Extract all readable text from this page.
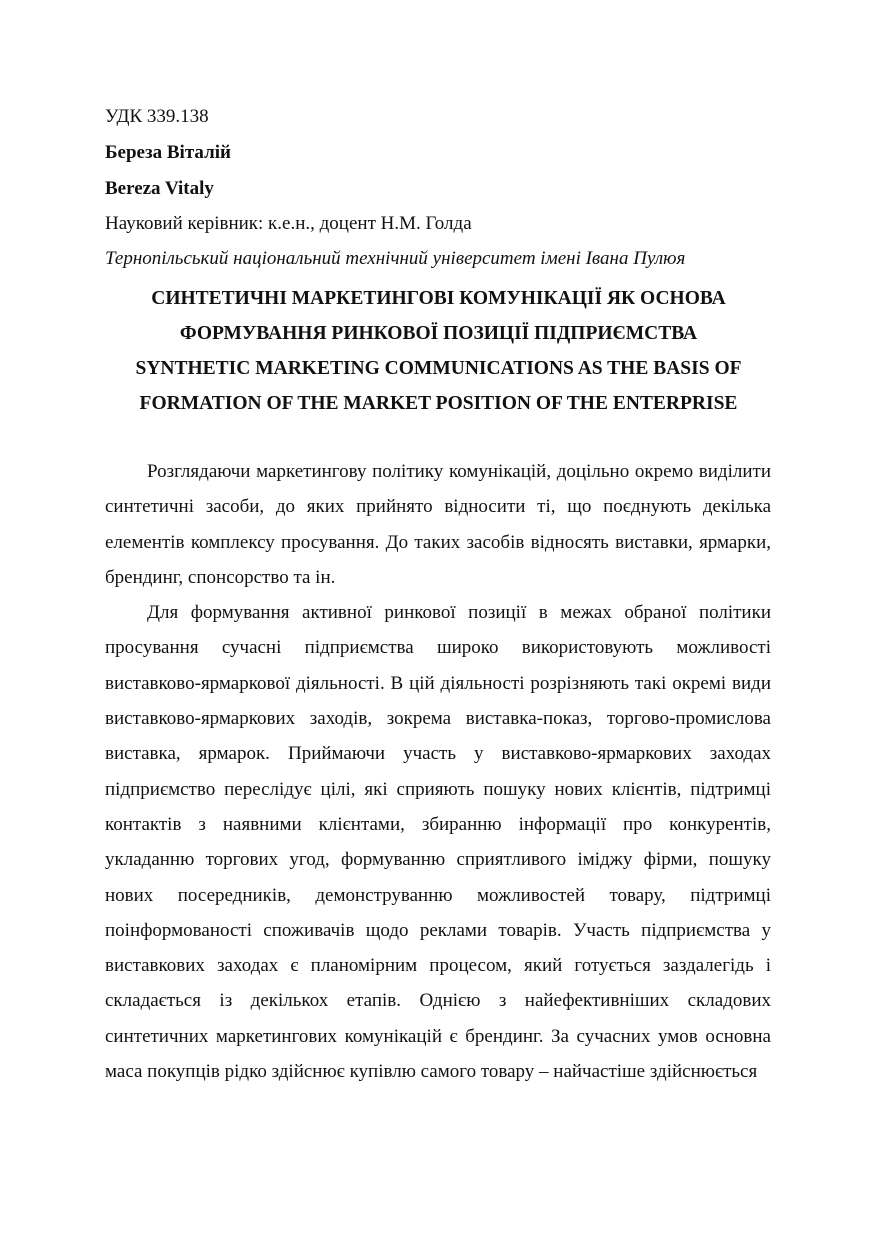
УДК 339.138
Береза Віталій
Bereza Vitaly
Науковий керівник: к.е.н., доцент Н.М. Голда
Тернопільський національний технічний університет імені Івана Пулюя
СИНТЕТИЧНІ МАРКЕТИНГОВІ КОМУНІКАЦІЇ ЯК ОСНОВА
ФОРМУВАННЯ РИНКОВОЇ ПОЗИЦІЇ ПІДПРИЄМСТВА
SYNTHETIC MARKETING COMMUNICATIONS AS THE BASIS OF
FORMATION OF THE MARKET POSITION OF THE ENTERPRISE

Розглядаючи маркетингову політику комунікацій, доцільно окремо виділити синтетичні засоби, до яких прийнято відносити ті, що поєднують декілька елементів комплексу просування. До таких засобів відносять виставки, ярмарки, брендинг, спонсорство та ін.

Для формування активної ринкової позиції в межах обраної політики просування сучасні підприємства широко використовують можливості виставково-ярмаркової діяльності. В цій діяльності розрізняють такі окремі види виставково-ярмаркових заходів, зокрема виставка-показ, торгово-промислова виставка, ярмарок. Приймаючи участь у виставково-ярмаркових заходах підприємство переслідує цілі, які сприяють пошуку нових клієнтів, підтримці контактів з наявними клієнтами, збиранню інформації про конкурентів, укладанню торгових угод, формуванню сприятливого іміджу фірми, пошуку нових посередників, демонструванню можливостей товару, підтримці поінформованості споживачів щодо реклами товарів. Участь підприємства у виставкових заходах є планомірним процесом, який готується заздалегідь і складається із декількох етапів. Однією з найефективніших складових синтетичних маркетингових комунікацій є брендинг. За сучасних умов основна маса покупців рідко здійснює купівлю самого товару – найчастіше здійснюється
